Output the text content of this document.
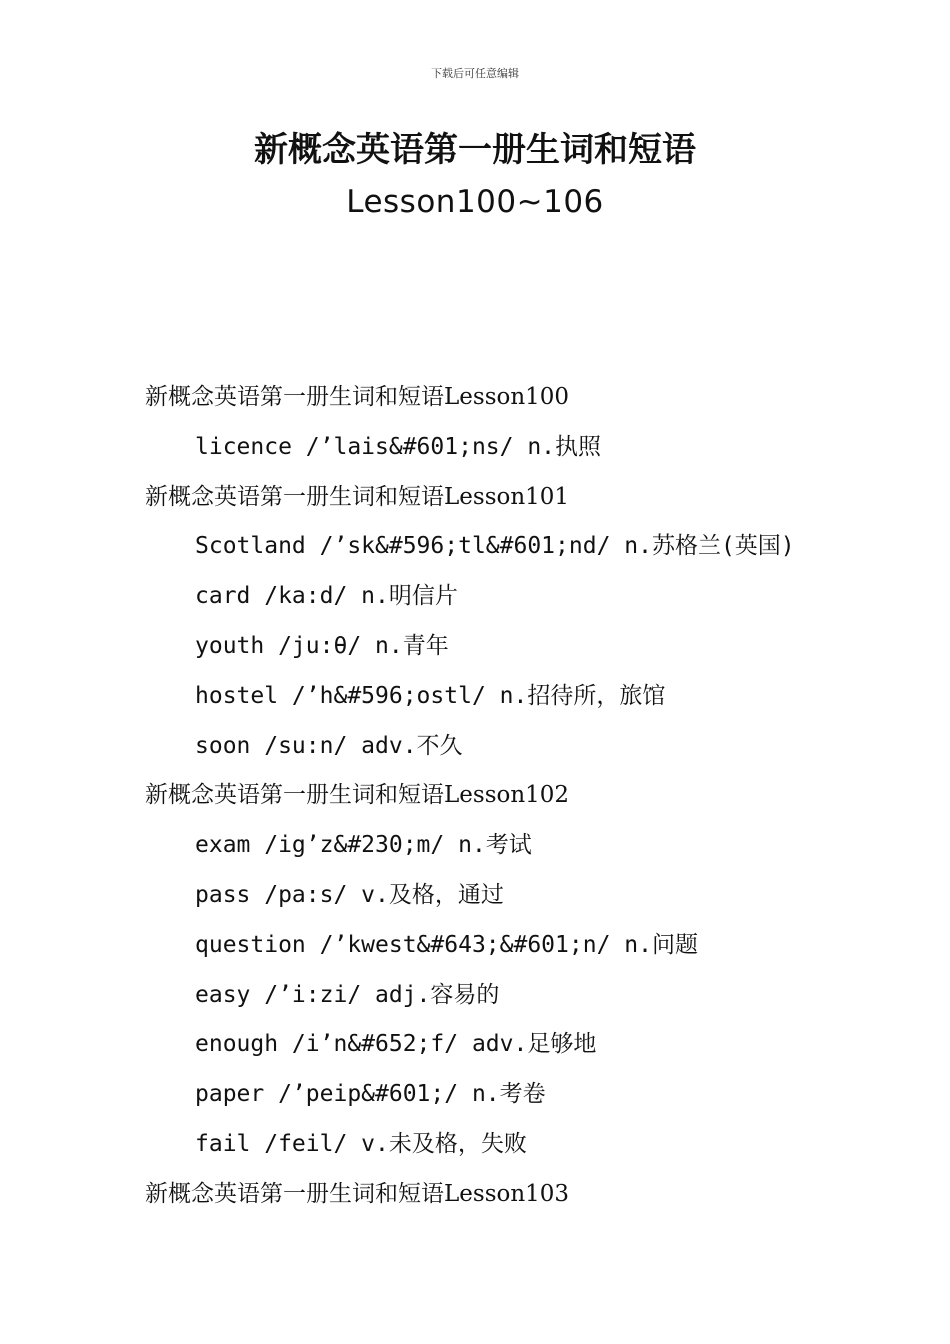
下载后可任意编辑
新概念英语第一册生词和短语
Lesson100~106
新概念英语第一册生词和短语Lesson100
licence /’lais&#601;ns/ n.执照
新概念英语第一册生词和短语Lesson101
Scotland /’sk&#596;tl&#601;nd/ n.苏格兰(英国)
card /ka:d/ n.明信片
youth /ju:θ/ n.青年
hostel /’h&#596;ostl/ n.招待所，旅馆
soon /su:n/ adv.不久
新概念英语第一册生词和短语Lesson102
exam /ig’z&#230;m/ n.考试
pass /pa:s/ v.及格，通过
question /’kwest&#643;&#601;n/ n.问题
easy /’i:zi/ adj.容易的
enough /i’n&#652;f/ adv.足够地
paper /’peip&#601;/ n.考卷
fail /feil/ v.未及格，失败
新概念英语第一册生词和短语Lesson103
